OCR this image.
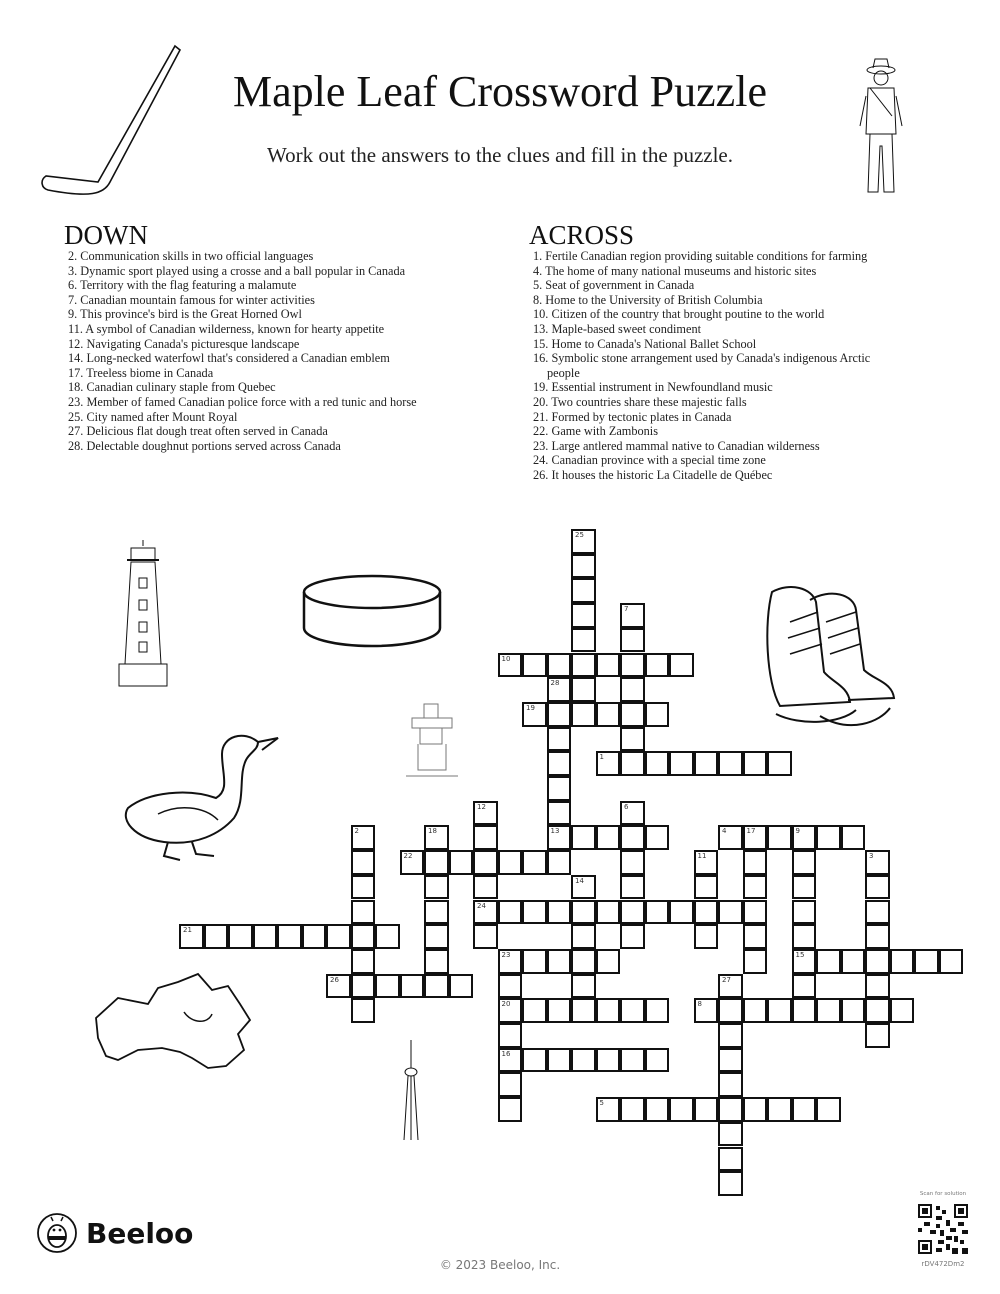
Maple Leaf Crossword Puzzle
Work out the answers to the clues and fill in the puzzle.
DOWN
2. Communication skills in two official languages
3. Dynamic sport played using a crosse and a ball popular in Canada
6. Territory with the flag featuring a malamute
7. Canadian mountain famous for winter activities
9. This province's bird is the Great Horned Owl
11. A symbol of Canadian wilderness, known for hearty appetite
12. Navigating Canada's picturesque landscape
14. Long-necked waterfowl that's considered a Canadian emblem
17. Treeless biome in Canada
18. Canadian culinary staple from Quebec
23. Member of famed Canadian police force with a red tunic and horse
25. City named after Mount Royal
27. Delicious flat dough treat often served in Canada
28. Delectable doughnut portions served across Canada
ACROSS
1. Fertile Canadian region providing suitable conditions for farming
4. The home of many national museums and historic sites
5. Seat of government in Canada
8. Home to the University of British Columbia
10. Citizen of the country that brought poutine to the world
13. Maple-based sweet condiment
15. Home to Canada's National Ballet School
16. Symbolic stone arrangement used by Canada's indigenous Arctic people
19. Essential instrument in Newfoundland music
20. Two countries share these majestic falls
21. Formed by tectonic plates in Canada
22. Game with Zambonis
23. Large antlered mammal native to Canadian wilderness
24. Canadian province with a special time zone
26. It houses the historic La Citadelle de Québec
25
7
10
28
13
19
1
12
24
6
4	17	9
15
2	18
22	11	3
14
21
23
20
16
26	27
8
5
Beeloo
© 2023 Beeloo, Inc.
Scan for solution
rDV472Dm2
